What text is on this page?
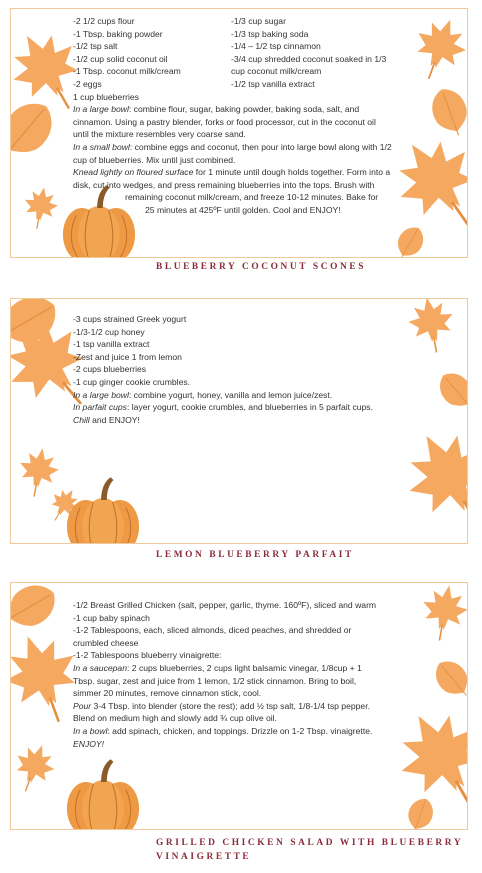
-2 1/2 cups flour
-1 Tbsp. baking powder
-1/2 tsp salt
-1/2 cup solid coconut oil
-1 Tbsp. coconut milk/cream
-2 eggs
1 cup blueberries
-1/3 cup sugar
-1/3 tsp baking soda
-1/4 – 1/2 tsp cinnamon
-3/4 cup shredded coconut soaked in 1/3
cup coconut milk/cream
-1/2 tsp vanilla extract
In a large bowl: combine flour, sugar, baking powder, baking soda, salt, and
cinnamon. Using a pastry blender, forks or food processor, cut in the coconut oil
until the mixture resembles very coarse sand.
In a small bowl: combine eggs and coconut, then pour into large bowl along with 1/2
cup of blueberries. Mix until just combined.
Knead lightly on floured surface for 1 minute until dough holds together. Form into a
disk, cut into wedges, and press remaining blueberries into the tops. Brush with
remaining coconut milk/cream, and freeze 10-12 minutes. Bake for
25 minutes at 425ºF until golden. Cool and ENJOY!
BLUEBERRY COCONUT SCONES
-3 cups strained Greek yogurt
-1/3-1/2 cup honey
-1 tsp vanilla extract
-Zest and juice 1 from lemon
-2 cups blueberries
-1 cup ginger cookie crumbles.
In a large bowl: combine yogurt, honey, vanilla and lemon juice/zest.
In parfait cups: layer yogurt, cookie crumbles, and blueberries in 5 parfait cups.
Chill and ENJOY!
LEMON BLUEBERRY PARFAIT
-1/2 Breast Grilled Chicken (salt, pepper, garlic, thyme. 160ºF), sliced and warm
-1 cup baby spinach
-1-2 Tablespoons, each, sliced almonds, diced peaches, and shredded or
crumbled cheese
-1-2 Tablespoons blueberry vinaigrette:
In a saucepan: 2 cups blueberries, 2 cups light balsamic vinegar, 1/8cup + 1
Tbsp. sugar, zest and juice from 1 lemon, 1/2 stick cinnamon. Bring to boil,
simmer 20 minutes, remove cinnamon stick, cool.
Pour 3-4 Tbsp. into blender (store the rest); add ½ tsp salt, 1/8-1/4 tsp pepper.
Blend on medium high and slowly add ¾ cup olive oil.
In a bowl: add spinach, chicken, and toppings. Drizzle on 1-2 Tbsp. vinaigrette.
ENJOY!
GRILLED CHICKEN SALAD WITH BLUEBERRY
VINAIGRETTE
